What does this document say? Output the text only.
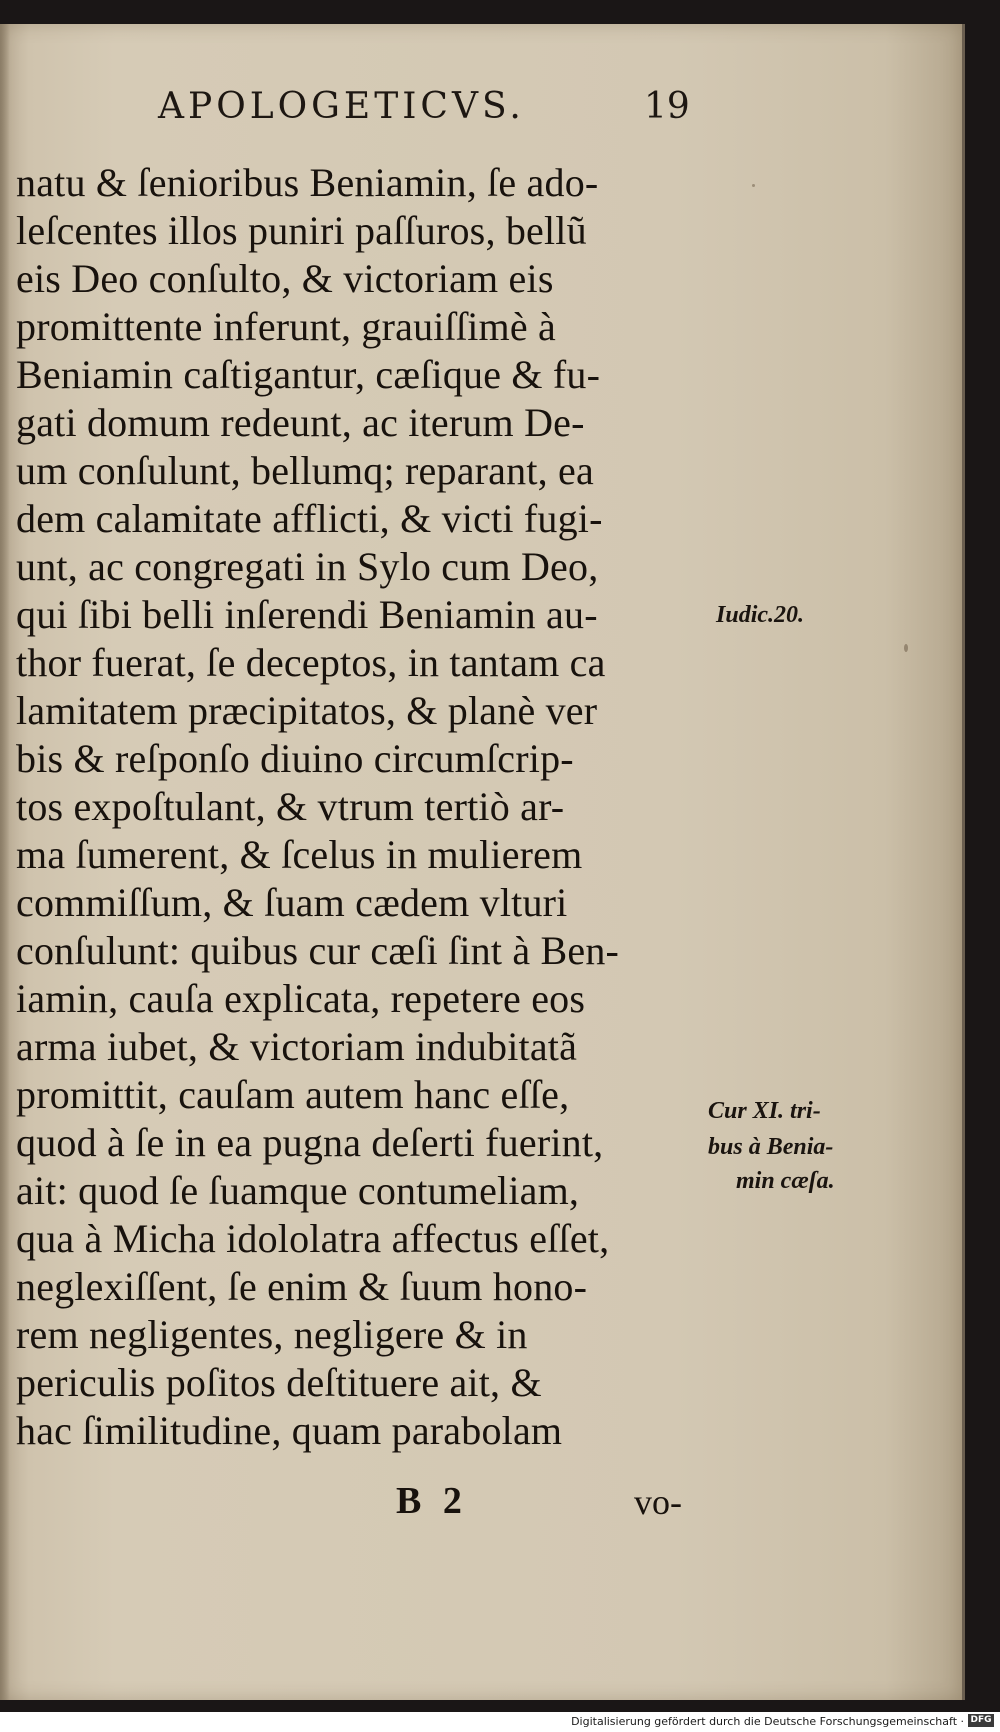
APOLOGETICVS.	19
natu & ſenioribus Beniamin, ſe ado-
leſcentes illos puniri paſſuros, bellũ
eis Deo conſulto, & victoriam eis
promittente inferunt, grauiſſimè à
Beniamin caſtigantur, cæſique & fu-
gati domum redeunt, ac iterum De-
um conſulunt, bellumq; reparant, ea
dem calamitate afflicti, & victi fugi-
unt, ac congregati in Sylo cum Deo,
qui ſibi belli inſerendi Beniamin au-
thor fuerat, ſe deceptos, in tantam ca
lamitatem præcipitatos, & planè ver
bis & reſponſo diuino circumſcrip-
tos expoſtulant, & vtrum tertiò ar-
ma ſumerent, & ſcelus in mulierem
commiſſum, & ſuam cædem vlturi
conſulunt: quibus cur cæſi ſint à Ben-
iamin, cauſa explicata, repetere eos
arma iubet, & victoriam indubitatã
promittit, cauſam autem hanc eſſe,
quod à ſe in ea pugna deſerti fuerint,
ait: quod ſe ſuamque contumeliam,
qua à Micha idololatra affectus eſſet,
neglexiſſent, ſe enim & ſuum hono-
rem negligentes, negligere & in
periculis poſitos deſtituere ait, &
hac ſimilitudine, quam parabolam
Iudic.20.
Cur XI. tri-
bus à Benia-
min cæſa.
B 2	vo-
Digitalisierung gefördert durch die Deutsche Forschungsgemeinschaft · DFG
